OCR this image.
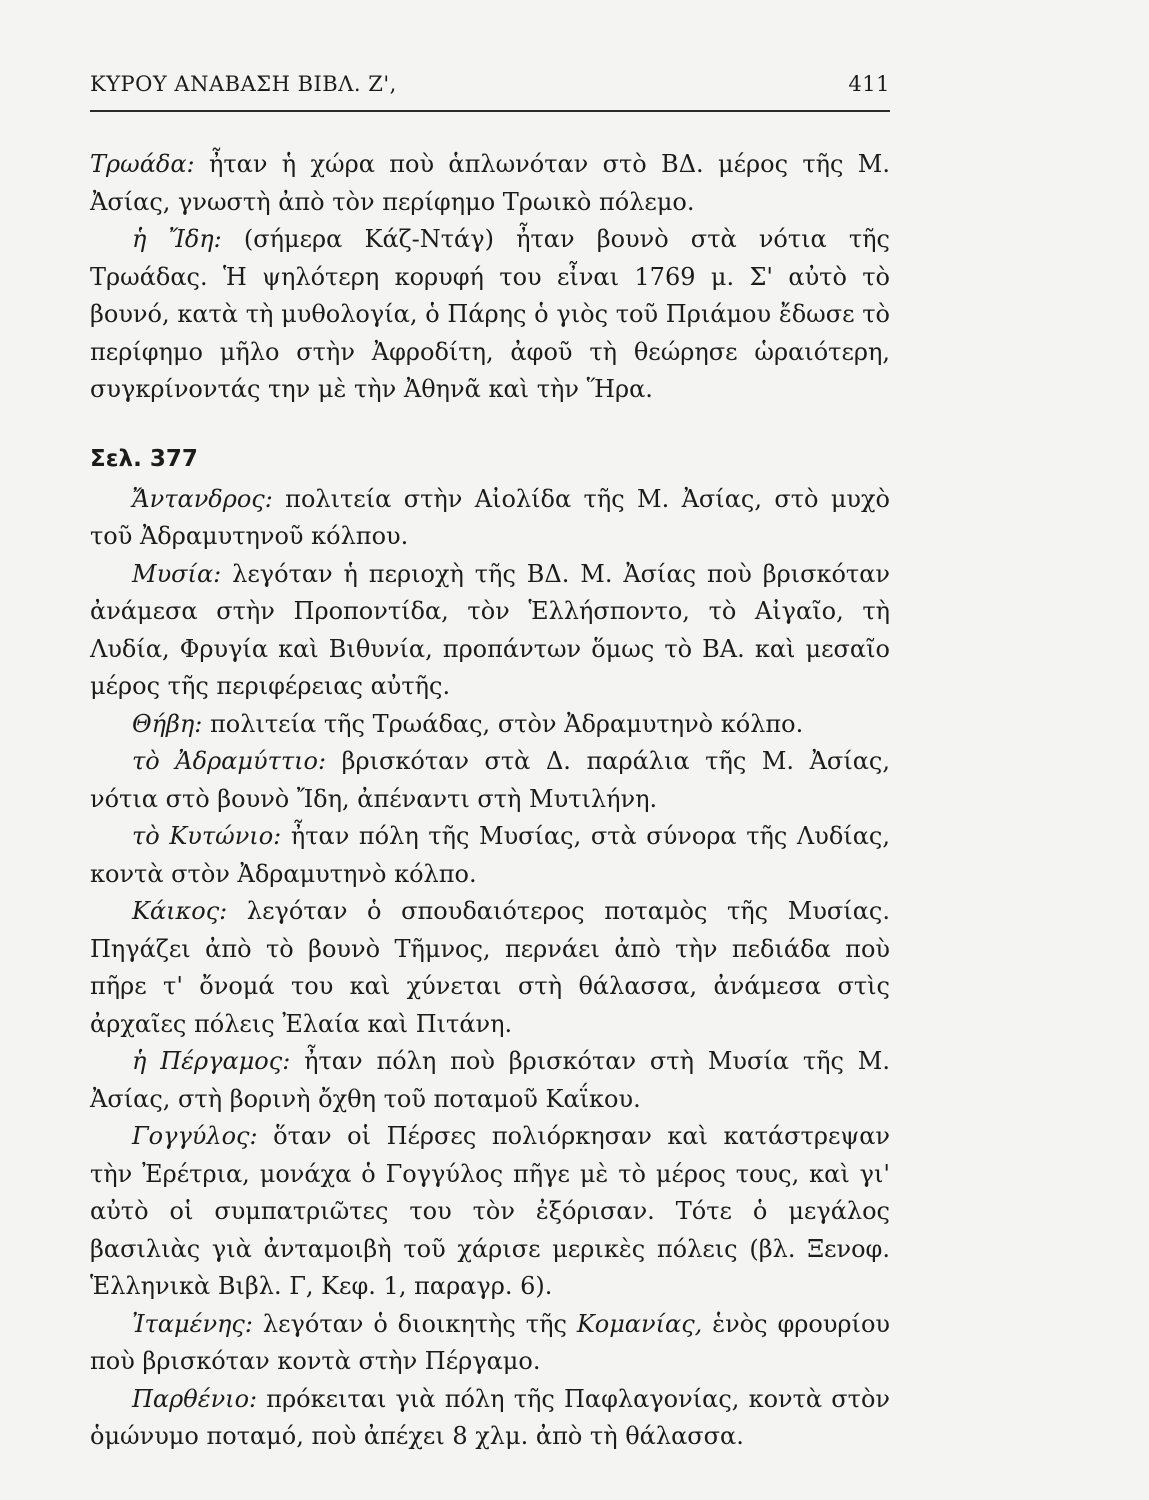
ΚΥΡΟΥ ΑΝΑΒΑΣΗ ΒΙΒΛ. Ζ',	411

Τρωάδα: ἦταν ἡ χώρα ποὺ ἁπλωνόταν στὸ ΒΔ. μέρος τῆς Μ. Ἀσίας, γνωστὴ ἀπὸ τὸν περίφημο Τρωικὸ πόλεμο.

ἡ Ἴδη: (σήμερα Κάζ-Ντάγ) ἦταν βουνὸ στὰ νότια τῆς Τρωάδας. Ἡ ψηλότερη κορυφή του εἶναι 1769 μ. Σ' αὐτὸ τὸ βουνό, κατὰ τὴ μυθολογία, ὁ Πάρης ὁ γιὸς τοῦ Πριάμου ἔδωσε τὸ περίφημο μῆλο στὴν Ἀφροδίτη, ἀφοῦ τὴ θεώρησε ὡραιότερη, συγκρίνοντάς την μὲ τὴν Ἀθηνᾶ καὶ τὴν Ἥρα.

Σελ. 377

Ἄντανδρος: πολιτεία στὴν Αἰολίδα τῆς Μ. Ἀσίας, στὸ μυχὸ τοῦ Ἀδραμυτηνοῦ κόλπου.

Μυσία: λεγόταν ἡ περιοχὴ τῆς ΒΔ. Μ. Ἀσίας ποὺ βρισκόταν ἀνάμεσα στὴν Προποντίδα, τὸν Ἑλλήσποντο, τὸ Αἰγαῖο, τὴ Λυδία, Φρυγία καὶ Βιθυνία, προπάντων ὅμως τὸ ΒΑ. καὶ μεσαῖο μέρος τῆς περιφέρειας αὐτῆς.

Θήβη: πολιτεία τῆς Τρωάδας, στὸν Ἀδραμυτηνὸ κόλπο.

τὸ Ἀδραμύττιο: βρισκόταν στὰ Δ. παράλια τῆς Μ. Ἀσίας, νότια στὸ βουνὸ Ἴδη, ἀπέναντι στὴ Μυτιλήνη.

τὸ Κυτώνιο: ἦταν πόλη τῆς Μυσίας, στὰ σύνορα τῆς Λυδίας, κοντὰ στὸν Ἀδραμυτηνὸ κόλπο.

Κάικος: λεγόταν ὁ σπουδαιότερος ποταμὸς τῆς Μυσίας. Πηγάζει ἀπὸ τὸ βουνὸ Τῆμνος, περνάει ἀπὸ τὴν πεδιάδα ποὺ πῆρε τ' ὄνομά του καὶ χύνεται στὴ θάλασσα, ἀνάμεσα στὶς ἀρχαῖες πόλεις Ἐλαία καὶ Πιτάνη.

ἡ Πέργαμος: ἦταν πόλη ποὺ βρισκόταν στὴ Μυσία τῆς Μ. Ἀσίας, στὴ βορινὴ ὄχθη τοῦ ποταμοῦ Καΐκου.

Γογγύλος: ὅταν οἱ Πέρσες πολιόρκησαν καὶ κατάστρεψαν τὴν Ἐρέτρια, μονάχα ὁ Γογγύλος πῆγε μὲ τὸ μέρος τους, καὶ γι' αὐτὸ οἱ συμπατριῶτες του τὸν ἐξόρισαν. Τότε ὁ μεγάλος βασιλιὰς γιὰ ἀνταμοιβὴ τοῦ χάρισε μερικὲς πόλεις (βλ. Ξενοφ. Ἑλληνικὰ Βιβλ. Γ, Κεφ. 1, παραγρ. 6).

Ἰταμένης: λεγόταν ὁ διοικητὴς τῆς Κομανίας, ἑνὸς φρουρίου ποὺ βρισκόταν κοντὰ στὴν Πέργαμο.

Παρθένιο: πρόκειται γιὰ πόλη τῆς Παφλαγονίας, κοντὰ στὸν ὁμώνυμο ποταμό, ποὺ ἀπέχει 8 χλμ. ἀπὸ τὴ θάλασσα.
